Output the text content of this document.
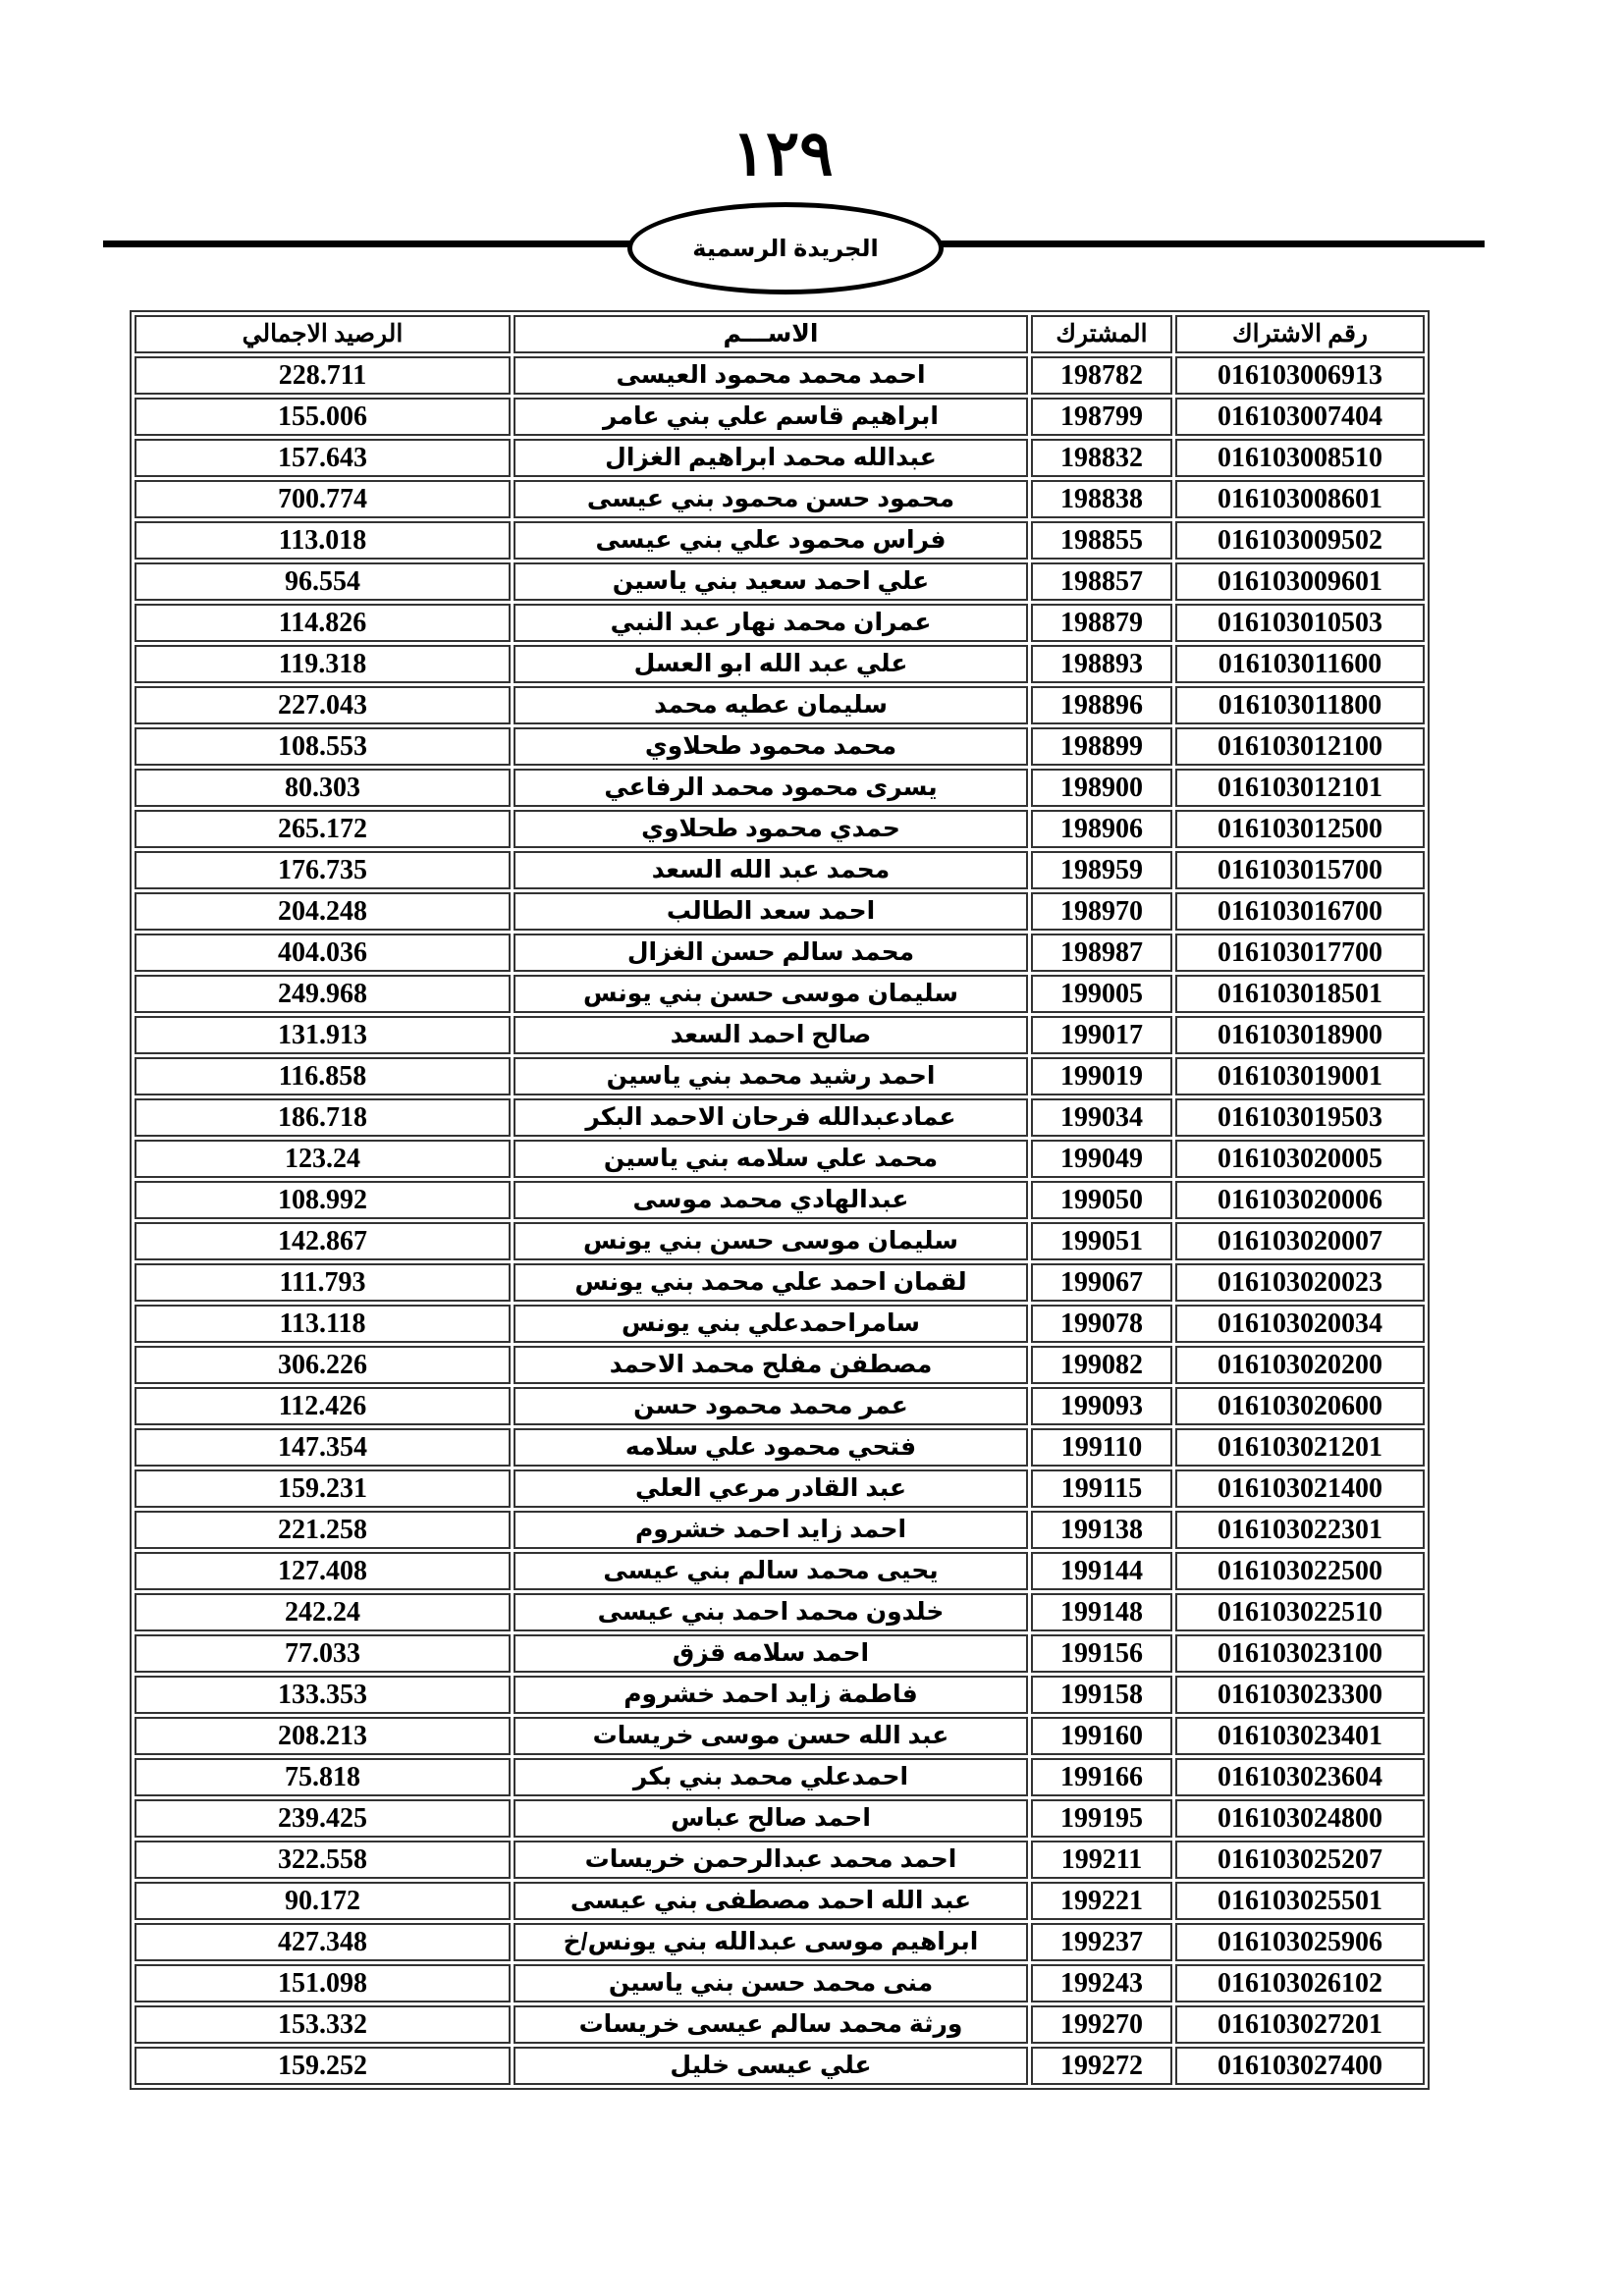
١٢٩
الجريدة الرسمية
رقم الاشتراك	المشترك	الاســـم	الرصيد الاجمالي
016103006913	198782	احمد محمد محمود العيسى	228.711
016103007404	198799	ابراهيم قاسم علي بني عامر	155.006
016103008510	198832	عبدالله محمد ابراهيم الغزال	157.643
016103008601	198838	محمود حسن محمود بني عيسى	700.774
016103009502	198855	فراس محمود علي بني عيسى	113.018
016103009601	198857	علي احمد سعيد بني ياسين	96.554
016103010503	198879	عمران محمد نهار عبد النبي	114.826
016103011600	198893	علي عبد الله ابو العسل	119.318
016103011800	198896	سليمان عطيه محمد	227.043
016103012100	198899	محمد محمود طحلاوي	108.553
016103012101	198900	يسرى محمود محمد الرفاعي	80.303
016103012500	198906	حمدي محمود طحلاوي	265.172
016103015700	198959	محمد عبد الله السعد	176.735
016103016700	198970	احمد سعد الطالب	204.248
016103017700	198987	محمد سالم حسن الغزال	404.036
016103018501	199005	سليمان موسى حسن بني يونس	249.968
016103018900	199017	صالح احمد السعد	131.913
016103019001	199019	احمد رشيد محمد بني ياسين	116.858
016103019503	199034	عمادعبدالله فرحان الاحمد البكر	186.718
016103020005	199049	محمد علي سلامه بني ياسين	123.24
016103020006	199050	عبدالهادي محمد موسى	108.992
016103020007	199051	سليمان موسى حسن بني يونس	142.867
016103020023	199067	لقمان احمد علي محمد بني يونس	111.793
016103020034	199078	سامراحمدعلي بني يونس	113.118
016103020200	199082	مصطفن مفلح محمد الاحمد	306.226
016103020600	199093	عمر محمد محمود حسن	112.426
016103021201	199110	فتحي محمود علي سلامه	147.354
016103021400	199115	عبد القادر مرعي العلي	159.231
016103022301	199138	احمد زايد احمد خشروم	221.258
016103022500	199144	يحيى محمد سالم بني عيسى	127.408
016103022510	199148	خلدون محمد احمد بني عيسى	242.24
016103023100	199156	احمد سلامه قزق	77.033
016103023300	199158	فاطمة زايد احمد خشروم	133.353
016103023401	199160	عبد الله حسن موسى خريسات	208.213
016103023604	199166	احمدعلي محمد بني بكر	75.818
016103024800	199195	احمد صالح عباس	239.425
016103025207	199211	احمد محمد عبدالرحمن خريسات	322.558
016103025501	199221	عبد الله احمد مصطفى بني عيسى	90.172
016103025906	199237	ابراهيم موسى عبدالله بني يونس/خ	427.348
016103026102	199243	منى محمد حسن بني ياسين	151.098
016103027201	199270	ورثة محمد سالم عيسى خريسات	153.332
016103027400	199272	علي عيسى خليل	159.252
